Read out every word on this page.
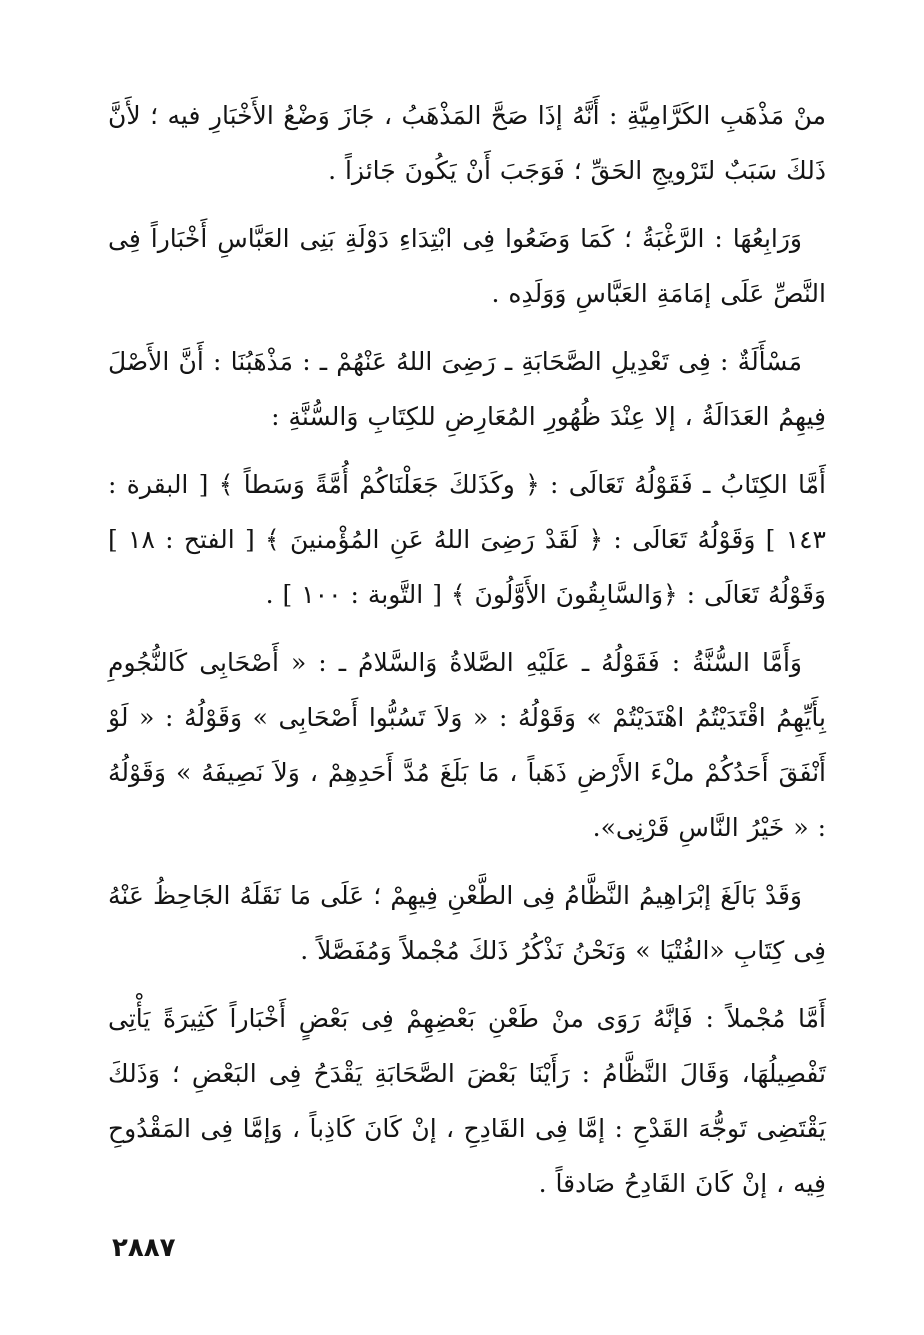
منْ مَذْهَبِ الكَرَّامِيَّةِ : أَنَّهُ إذَا صَحَّ المَذْهَبُ ، جَازَ وَضْعُ الأَخْبَارِ فيه ؛ لأَنَّ ذَلكَ سَبَبٌ لتَرْويجِ الحَقِّ ؛ فَوَجَبَ أَنْ يَكُونَ جَائزاً .

وَرَابِعُهَا : الرَّغْبَةُ ؛ كَمَا وَضَعُوا فِى ابْتِدَاءِ دَوْلَةِ بَنِى العَبَّاسِ أَخْبَاراً فِى النَّصِّ عَلَى إمَامَةِ العَبَّاسِ وَوَلَدِه .

مَسْأَلَةٌ : فِى تَعْدِيلِ الصَّحَابَةِ ـ رَضِىَ اللهُ عَنْهُمْ ـ : مَذْهَبُنَا : أَنَّ الأَصْلَ فِيهِمُ العَدَالَةُ ، إلا عِنْدَ ظُهُورِ المُعَارِضِ للكِتَابِ وَالسُّنَّةِ :

أَمَّا الكِتَابُ ـ فَقَوْلُهُ تَعَالَى : ﴿ وكَذَلكَ جَعَلْنَاكُمْ أُمَّةً وَسَطاً ﴾ [ البقرة : ١٤٣ ] وَقَوْلُهُ تَعَالَى : ﴿ لَقَدْ رَضِىَ اللهُ عَنِ المُؤْمنينَ ﴾ [ الفتح : ١٨ ] وَقَوْلُهُ تَعَالَى : ﴿وَالسَّابِقُونَ الأَوَّلُونَ ﴾ [ التَّوبة : ١٠٠ ] .

وَأَمَّا السُّنَّةُ : فَقَوْلُهُ ـ عَلَيْهِ الصَّلاةُ وَالسَّلامُ ـ : « أَصْحَابِى كَالنُّجُومِ بِأَيِّهِمُ اقْتَدَيْتُمُ اهْتَدَيْتُمْ » وَقَوْلُهُ : « وَلاَ تَسُبُّوا أَصْحَابِى » وَقَوْلُهُ : « لَوْ أَنْفَقَ أَحَدُكُمْ ملْءَ الأَرْضِ ذَهَباً ، مَا بَلَغَ مُدَّ أَحَدِهِمْ ، وَلاَ نَصِيفَهُ » وَقَوْلُهُ : « خَيْرُ النَّاسِ قَرْنِى».

وَقَدْ بَالَغَ إبْرَاهِيمُ النَّظَّامُ فِى الطَّعْنِ فِيهِمْ ؛ عَلَى مَا نَقَلَهُ الجَاحِظُ عَنْهُ فِى كِتَابِ «الفُتْيَا » وَنَحْنُ نَذْكُرُ ذَلكَ مُجْملاً وَمُفَصَّلاً .

أَمَّا مُجْملاً : فَإنَّهُ رَوَى منْ طَعْنِ بَعْضِهِمْ فِى بَعْضٍ أَخْبَاراً كَثِيرَةً يَأْتِى تَفْصِيلُهَا، وَقَالَ النَّظَّامُ : رَأَيْنَا بَعْضَ الصَّحَابَةِ يَقْدَحُ فِى البَعْضِ ؛ وَذَلكَ يَقْتَضِى تَوجُّهَ القَدْحِ : إمَّا فِى القَادِحِ ، إنْ كَانَ كَاذِباً ، وَإمَّا فِى المَقْدُوحِ فِيه ، إنْ كَانَ القَادِحُ صَادقاً .

٢٨٨٧
